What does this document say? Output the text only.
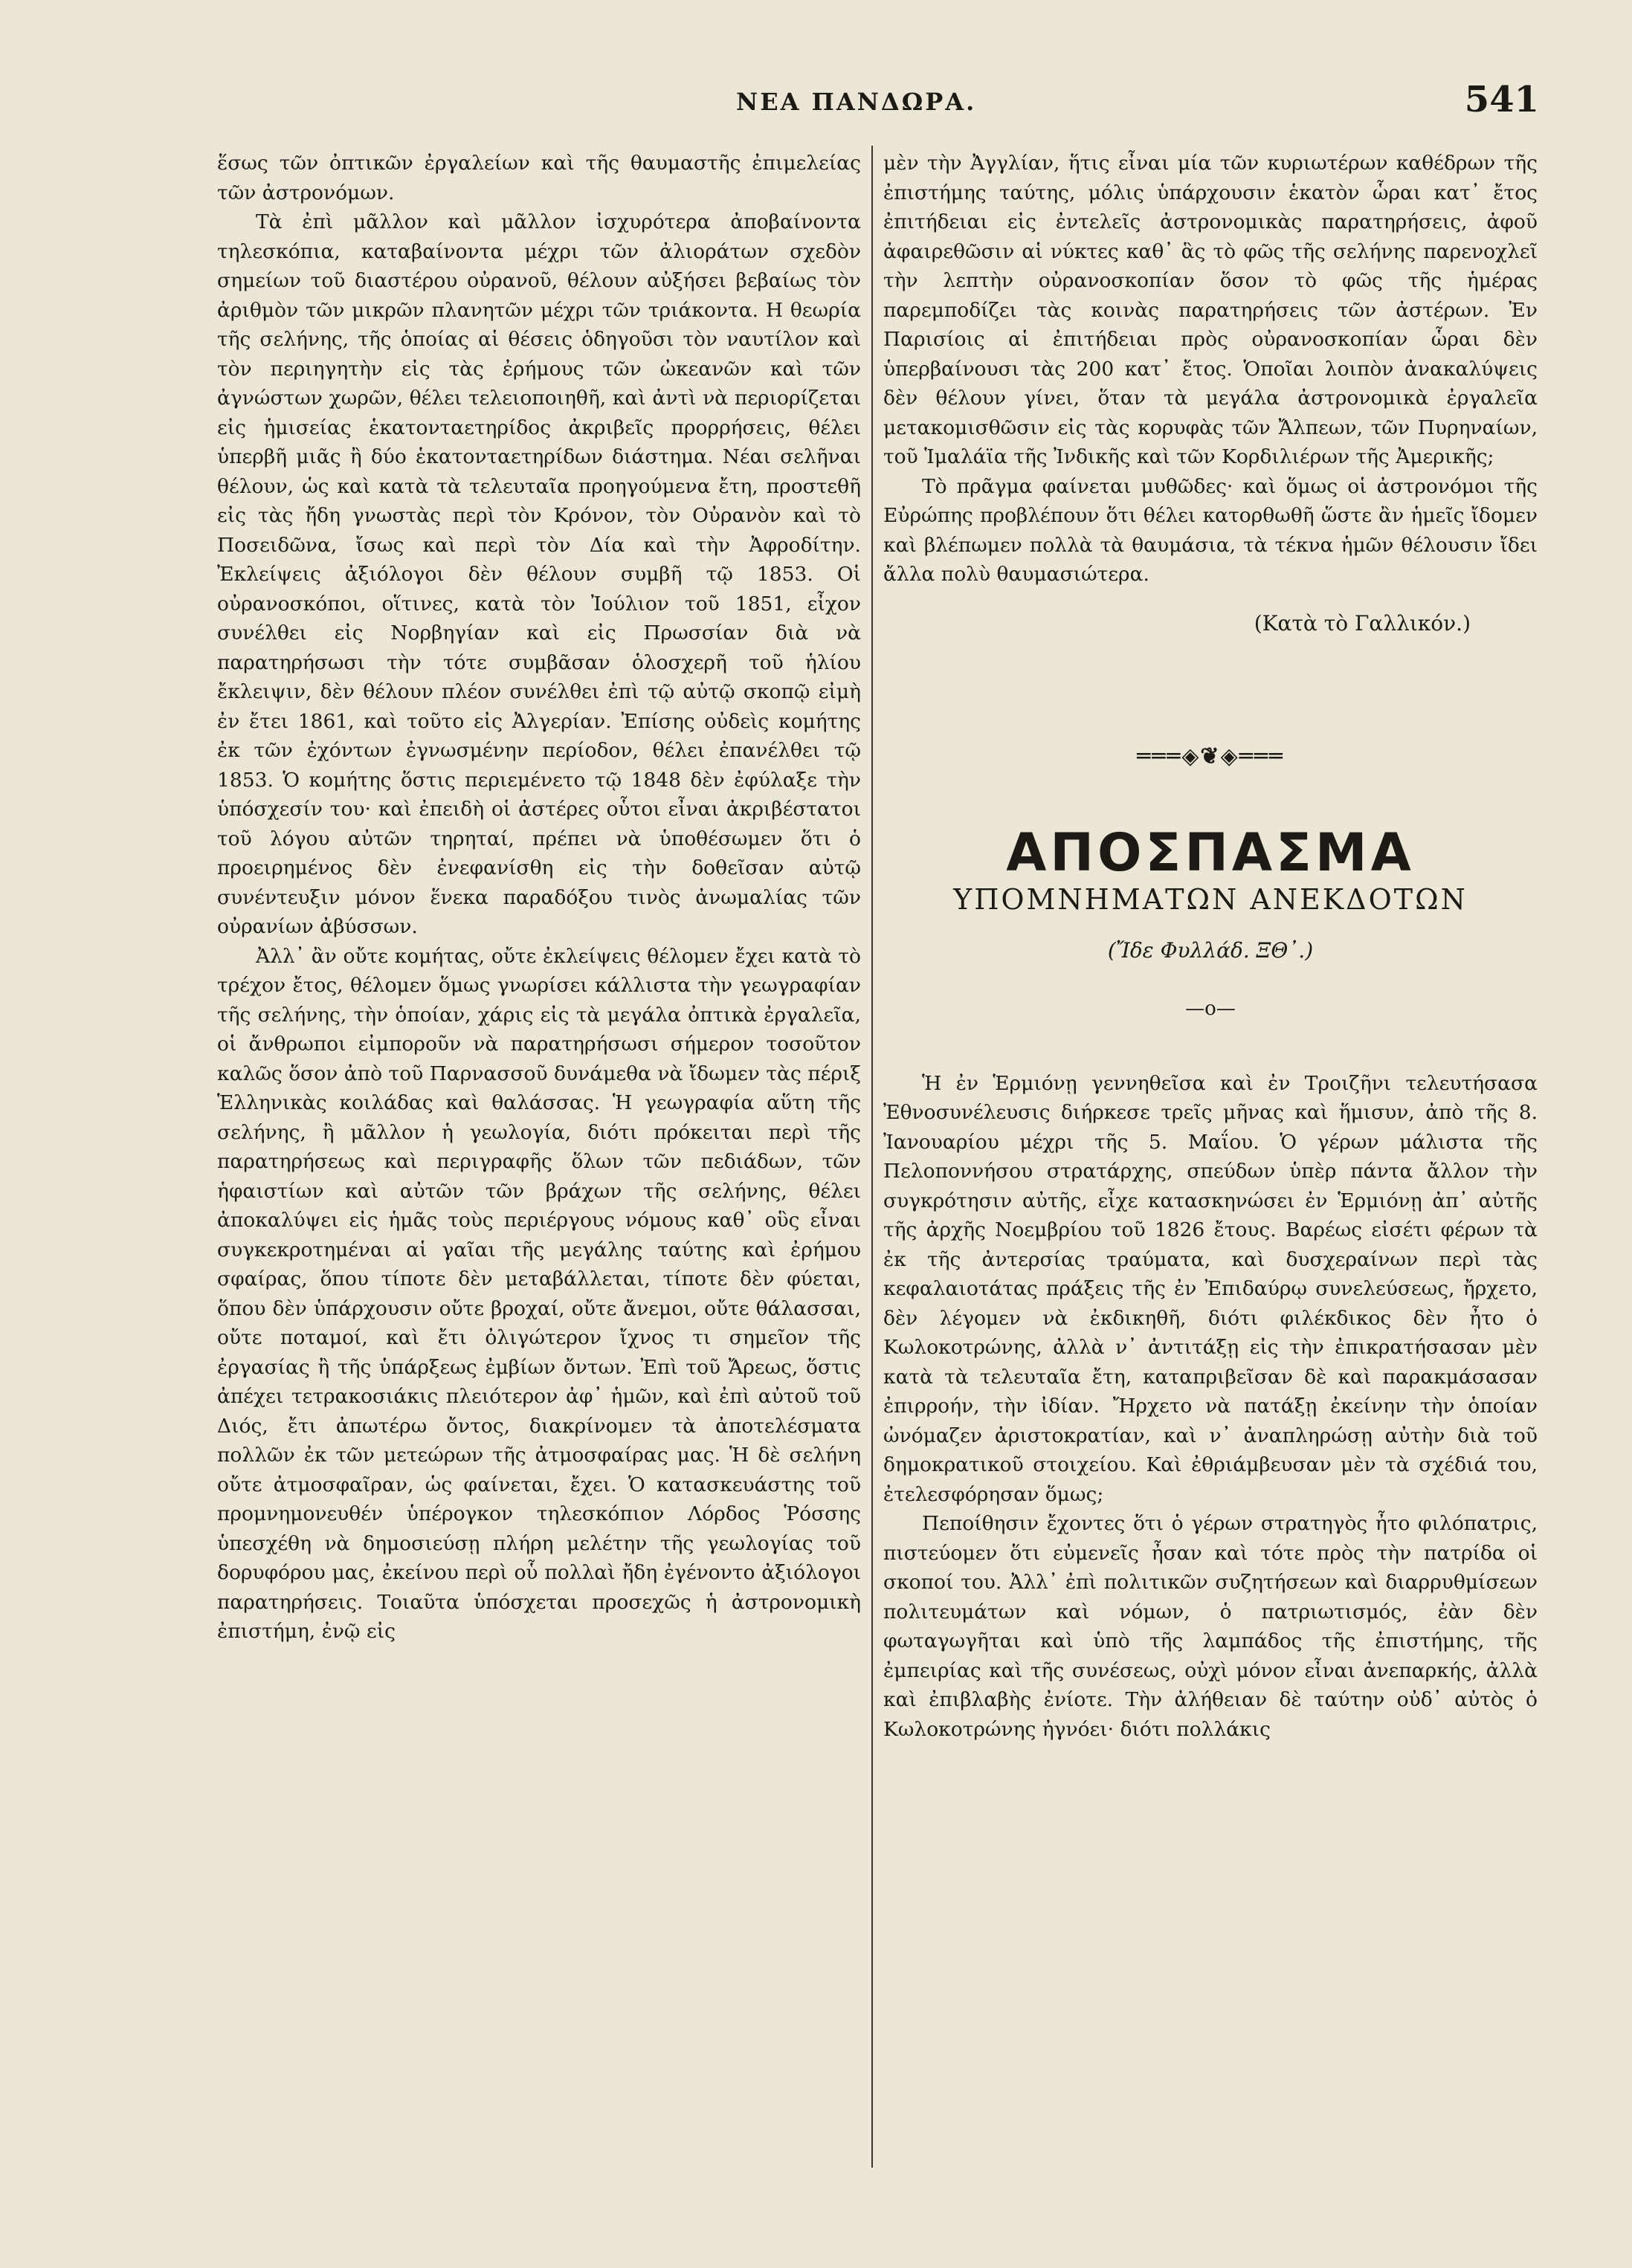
ΝΕΑ ΠΑΝΔΩΡΑ.	541

ἕσως τῶν ὀπτικῶν ἐργαλείων καὶ τῆς θαυμαστῆς ἐπιμελείας τῶν ἀστρονόμων.

Τὰ ἐπὶ μᾶλλον καὶ μᾶλλον ἰσχυρότερα ἀποβαίνοντα τηλεσκόπια, καταβαίνοντα μέχρι τῶν ἀλιοράτων σχεδὸν σημείων τοῦ διαστέρου οὐρανοῦ, θέλουν αὐξήσει βεβαίως τὸν ἀριθμὸν τῶν μικρῶν πλανητῶν μέχρι τῶν τριάκοντα. Η θεωρία τῆς σελήνης, τῆς ὁποίας αἱ θέσεις ὁδηγοῦσι τὸν ναυτίλον καὶ τὸν περιηγητὴν εἰς τὰς ἐρήμους τῶν ὠκεανῶν καὶ τῶν ἀγνώστων χωρῶν, θέλει τελειοποιηθῆ, καὶ ἀντὶ νὰ περιορίζεται εἰς ἡμισείας ἑκατονταετηρίδος ἀκριβεῖς προρρήσεις, θέλει ὑπερβῆ μιᾶς ἢ δύο ἑκατονταετηρίδων διάστημα. Νέαι σελῆναι θέλουν, ὡς καὶ κατὰ τὰ τελευταῖα προηγούμενα ἔτη, προστεθῆ εἰς τὰς ἤδη γνωστὰς περὶ τὸν Κρόνον, τὸν Οὐρανὸν καὶ τὸ Ποσειδῶνα, ἴσως καὶ περὶ τὸν Δία καὶ τὴν Ἀφροδίτην. Ἐκλείψεις ἀξιόλογοι δὲν θέλουν συμβῆ τῷ 1853. Οἱ οὐρανοσκόποι, οἵτινες, κατὰ τὸν Ἰούλιον τοῦ 1851, εἶχον συνέλθει εἰς Νορβηγίαν καὶ εἰς Πρωσσίαν διὰ νὰ παρατηρήσωσι τὴν τότε συμβᾶσαν ὁλοσχερῆ τοῦ ἡλίου ἔκλειψιν, δὲν θέλουν πλέον συνέλθει ἐπὶ τῷ αὐτῷ σκοπῷ εἰμὴ ἐν ἔτει 1861, καὶ τοῦτο εἰς Ἀλγερίαν. Ἐπίσης οὐδεὶς κομήτης ἐκ τῶν ἐχόντων ἐγνωσμένην περίοδον, θέλει ἐπανέλθει τῷ 1853. Ὁ κομήτης ὅστις περιεμένετο τῷ 1848 δὲν ἐφύλαξε τὴν ὑπόσχεσίν του· καὶ ἐπειδὴ οἱ ἀστέρες οὗτοι εἶναι ἀκριβέστατοι τοῦ λόγου αὐτῶν τηρηταί, πρέπει νὰ ὑποθέσωμεν ὅτι ὁ προειρημένος δὲν ἐνεφανίσθη εἰς τὴν δοθεῖσαν αὐτῷ συνέντευξιν μόνον ἕνεκα παραδόξου τινὸς ἀνωμαλίας τῶν οὐρανίων ἀβύσσων.

Ἀλλ᾽ ἂν οὔτε κομήτας, οὔτε ἐκλείψεις θέλομεν ἔχει κατὰ τὸ τρέχον ἔτος, θέλομεν ὅμως γνωρίσει κάλλιστα τὴν γεωγραφίαν τῆς σελήνης, τὴν ὁποίαν, χάρις εἰς τὰ μεγάλα ὀπτικὰ ἐργαλεῖα, οἱ ἄνθρωποι εἰμποροῦν νὰ παρατηρήσωσι σήμερον τοσοῦτον καλῶς ὅσον ἀπὸ τοῦ Παρνασσοῦ δυνάμεθα νὰ ἴδωμεν τὰς πέριξ Ἑλληνικὰς κοιλάδας καὶ θαλάσσας. Ἡ γεωγραφία αὕτη τῆς σελήνης, ἢ μᾶλλον ἡ γεωλογία, διότι πρόκειται περὶ τῆς παρατηρήσεως καὶ περιγραφῆς ὅλων τῶν πεδιάδων, τῶν ἡφαιστίων καὶ αὐτῶν τῶν βράχων τῆς σελήνης, θέλει ἀποκαλύψει εἰς ἡμᾶς τοὺς περιέργους νόμους καθ᾽ οὓς εἶναι συγκεκροτημέναι αἱ γαῖαι τῆς μεγάλης ταύτης καὶ ἐρήμου σφαίρας, ὅπου τίποτε δὲν μεταβάλλεται, τίποτε δὲν φύεται, ὅπου δὲν ὑπάρχουσιν οὔτε βροχαί, οὔτε ἄνεμοι, οὔτε θάλασσαι, οὔτε ποταμοί, καὶ ἔτι ὀλιγώτερον ἴχνος τι σημεῖον τῆς ἐργασίας ἢ τῆς ὑπάρξεως ἐμβίων ὄντων. Ἐπὶ τοῦ Ἄρεως, ὅστις ἀπέχει τετρακοσιάκις πλειότερον ἀφ᾽ ἡμῶν, καὶ ἐπὶ αὐτοῦ τοῦ Διός, ἔτι ἀπωτέρω ὄντος, διακρίνομεν τὰ ἀποτελέσματα πολλῶν ἐκ τῶν μετεώρων τῆς ἀτμοσφαίρας μας. Ἡ δὲ σελήνη οὔτε ἀτμοσφαῖραν, ὡς φαίνεται, ἔχει. Ὁ κατασκευάστης τοῦ προμνημονευθέν ὑπέρογκον τηλεσκόπιον Λόρδος Ῥόσσης ὑπεσχέθη νὰ δημοσιεύσῃ πλήρη μελέτην τῆς γεωλογίας τοῦ δορυφόρου μας, ἐκείνου περὶ οὗ πολλαὶ ἤδη ἐγένοντο ἀξιόλογοι παρατηρήσεις. Τοιαῦτα ὑπόσχεται προσεχῶς ἡ ἀστρονομικὴ ἐπιστήμη, ἐνῷ εἰς

μὲν τὴν Ἀγγλίαν, ἥτις εἶναι μία τῶν κυριωτέρων καθέδρων τῆς ἐπιστήμης ταύτης, μόλις ὑπάρχουσιν ἑκατὸν ὧραι κατ᾽ ἔτος ἐπιτήδειαι εἰς ἐντελεῖς ἀστρονομικὰς παρατηρήσεις, ἀφοῦ ἀφαιρεθῶσιν αἱ νύκτες καθ᾽ ἃς τὸ φῶς τῆς σελήνης παρενοχλεῖ τὴν λεπτὴν οὐρανοσκοπίαν ὅσον τὸ φῶς τῆς ἡμέρας παρεμποδίζει τὰς κοινὰς παρατηρήσεις τῶν ἀστέρων. Ἐν Παρισίοις αἱ ἐπιτήδειαι πρὸς οὐρανοσκοπίαν ὧραι δὲν ὑπερβαίνουσι τὰς 200 κατ᾽ ἔτος. Ὁποῖαι λοιπὸν ἀνακαλύψεις δὲν θέλουν γίνει, ὅταν τὰ μεγάλα ἀστρονομικὰ ἐργαλεῖα μετακομισθῶσιν εἰς τὰς κορυφὰς τῶν Ἄλπεων, τῶν Πυρηναίων, τοῦ Ἱμαλάϊα τῆς Ἰνδικῆς καὶ τῶν Κορδιλιέρων τῆς Ἀμερικῆς;

Τὸ πρᾶγμα φαίνεται μυθῶδες· καὶ ὅμως οἱ ἀστρονόμοι τῆς Εὐρώπης προβλέπουν ὅτι θέλει κατορθωθῆ ὥστε ἂν ἡμεῖς ἴδομεν καὶ βλέπωμεν πολλὰ τὰ θαυμάσια, τὰ τέκνα ἡμῶν θέλουσιν ἴδει ἄλλα πολὺ θαυμασιώτερα.

(Κατὰ τὸ Γαλλικόν.)
═══◈❦◈═══
ΑΠΟΣΠΑΣΜΑ
ΥΠΟΜΝΗΜΑΤΩΝ ΑΝΕΚΔΟΤΩΝ
(Ἴδε Φυλλάδ. ΞΘ᾽.)
—o—

Ἡ ἐν Ἑρμιόνῃ γεννηθεῖσα καὶ ἐν Τροιζῆνι τελευτήσασα Ἐθνοσυνέλευσις διήρκεσε τρεῖς μῆνας καὶ ἥμισυν, ἀπὸ τῆς 8. Ἰανουαρίου μέχρι τῆς 5. Μαΐου. Ὁ γέρων μάλιστα τῆς Πελοποννήσου στρατάρχης, σπεύδων ὑπὲρ πάντα ἄλλον τὴν συγκρότησιν αὐτῆς, εἶχε κατασκηνώσει ἐν Ἑρμιόνῃ ἀπ᾽ αὐτῆς τῆς ἀρχῆς Νοεμβρίου τοῦ 1826 ἔτους. Βαρέως εἰσέτι φέρων τὰ ἐκ τῆς ἀντερσίας τραύματα, καὶ δυσχεραίνων περὶ τὰς κεφαλαιοτάτας πράξεις τῆς ἐν Ἐπιδαύρῳ συνελεύσεως, ἤρχετο, δὲν λέγομεν νὰ ἐκδικηθῆ, διότι φιλέκδικος δὲν ἦτο ὁ Κωλοκοτρώνης, ἀλλὰ ν᾽ ἀντιτάξῃ εἰς τὴν ἐπικρατήσασαν μὲν κατὰ τὰ τελευταῖα ἔτη, καταπριβεῖσαν δὲ καὶ παρακμάσασαν ἐπιρροήν, τὴν ἰδίαν. Ἤρχετο νὰ πατάξῃ ἐκείνην τὴν ὁποίαν ὠνόμαζεν ἀριστοκρατίαν, καὶ ν᾽ ἀναπληρώσῃ αὐτὴν διὰ τοῦ δημοκρατικοῦ στοιχείου. Καὶ ἐθριάμβευσαν μὲν τὰ σχέδιά του, ἐτελεσφόρησαν ὅμως;

Πεποίθησιν ἔχοντες ὅτι ὁ γέρων στρατηγὸς ἦτο φιλόπατρις, πιστεύομεν ὅτι εὐμενεῖς ἦσαν καὶ τότε πρὸς τὴν πατρίδα οἱ σκοποί του. Ἀλλ᾽ ἐπὶ πολιτικῶν συζητήσεων καὶ διαρρυθμίσεων πολιτευμάτων καὶ νόμων, ὁ πατριωτισμός, ἐὰν δὲν φωταγωγῆται καὶ ὑπὸ τῆς λαμπάδος τῆς ἐπιστήμης, τῆς ἐμπειρίας καὶ τῆς συνέσεως, οὐχὶ μόνον εἶναι ἀνεπαρκής, ἀλλὰ καὶ ἐπιβλαβὴς ἐνίοτε. Τὴν ἀλήθειαν δὲ ταύτην οὐδ᾽ αὐτὸς ὁ Κωλοκοτρώνης ἠγνόει· διότι πολλάκις
